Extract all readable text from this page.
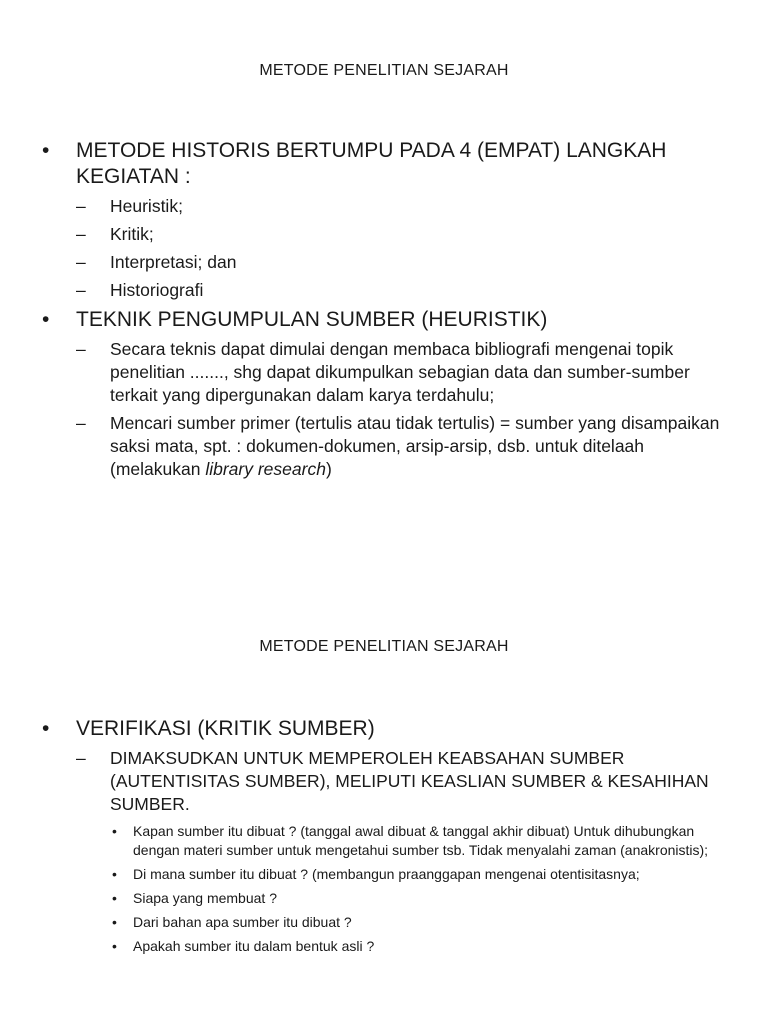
METODE PENELITIAN SEJARAH
• METODE HISTORIS BERTUMPU PADA 4 (EMPAT) LANGKAH KEGIATAN :
– Heuristik;
– Kritik;
– Interpretasi; dan
– Historiografi
• TEKNIK PENGUMPULAN SUMBER (HEURISTIK)
– Secara teknis dapat dimulai dengan membaca bibliografi mengenai topik penelitian ......., shg dapat dikumpulkan sebagian data dan sumber-sumber terkait yang dipergunakan dalam karya terdahulu;
– Mencari sumber primer (tertulis atau tidak tertulis) = sumber yang disampaikan saksi mata, spt. : dokumen-dokumen, arsip-arsip, dsb. untuk ditelaah (melakukan library research)
METODE PENELITIAN SEJARAH
• VERIFIKASI (KRITIK SUMBER)
– DIMAKSUDKAN UNTUK MEMPEROLEH KEABSAHAN SUMBER (AUTENTISITAS SUMBER), MELIPUTI KEASLIAN SUMBER & KESAHIHAN SUMBER.
• Kapan sumber itu dibuat ? (tanggal awal dibuat & tanggal akhir dibuat) Untuk dihubungkan dengan materi sumber untuk mengetahui sumber tsb. Tidak menyalahi zaman (anakronistis);
• Di mana sumber itu dibuat ? (membangun praanggapan mengenai otentisitasnya;
• Siapa yang membuat ?
• Dari bahan apa sumber itu dibuat ?
• Apakah sumber itu dalam bentuk asli ?
